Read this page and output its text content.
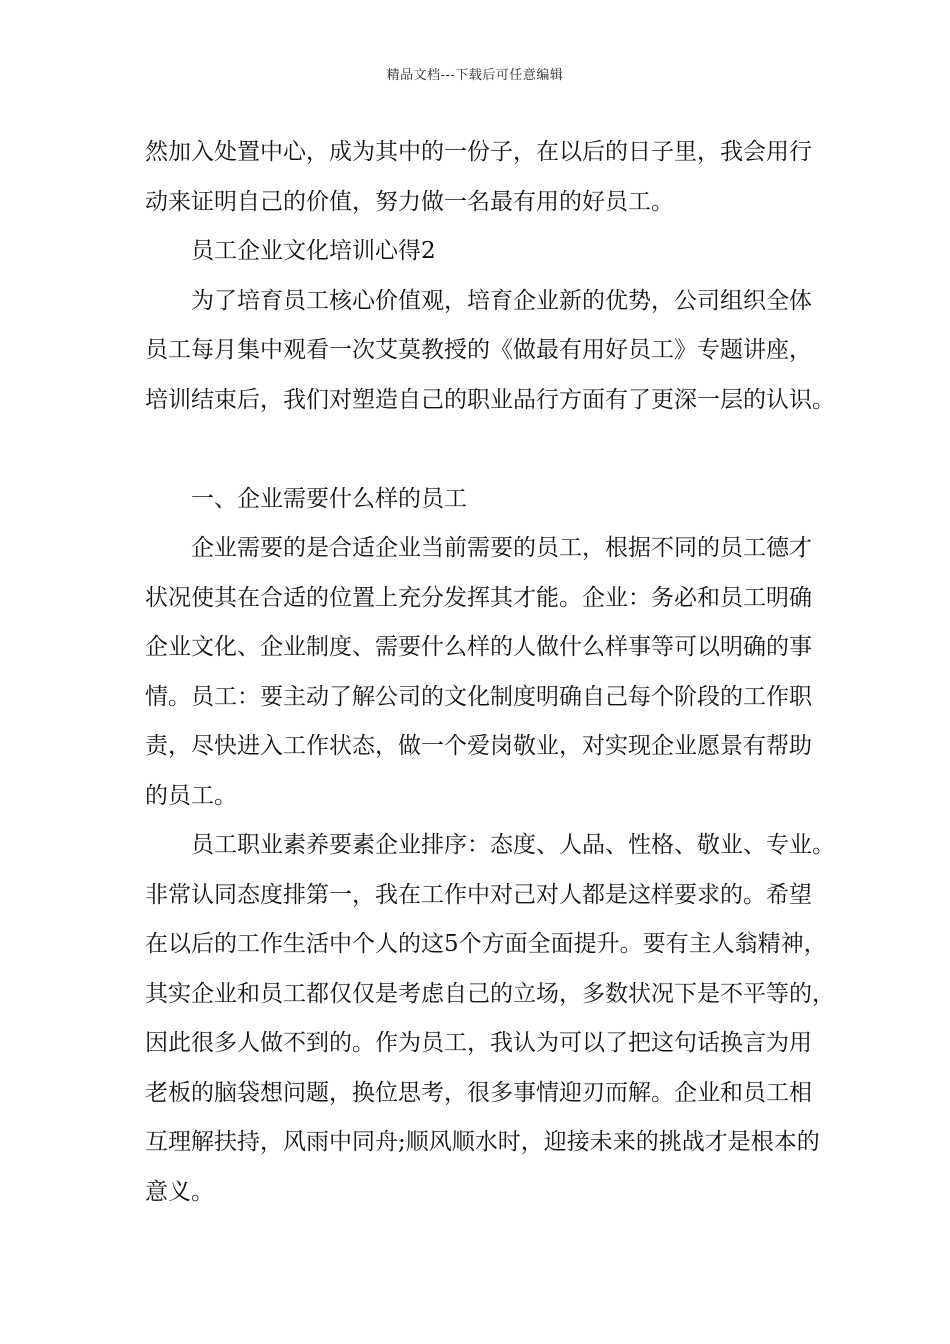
精品文档---下载后可任意编辑
然加入处置中心，成为其中的一份子，在以后的日子里，我会用行
动来证明自己的价值，努力做一名最有用的好员工。
员工企业文化培训心得2
为了培育员工核心价值观，培育企业新的优势，公司组织全体
员工每月集中观看一次艾莫教授的《做最有用好员工》专题讲座，
培训结束后，我们对塑造自己的职业品行方面有了更深一层的认识。
一、企业需要什么样的员工
企业需要的是合适企业当前需要的员工，根据不同的员工德才
状况使其在合适的位置上充分发挥其才能。企业：务必和员工明确
企业文化、企业制度、需要什么样的人做什么样事等可以明确的事
情。员工：要主动了解公司的文化制度明确自己每个阶段的工作职
责，尽快进入工作状态，做一个爱岗敬业，对实现企业愿景有帮助
的员工。
员工职业素养要素企业排序：态度、人品、性格、敬业、专业。
非常认同态度排第一，我在工作中对己对人都是这样要求的。希望
在以后的工作生活中个人的这5个方面全面提升。要有主人翁精神，
其实企业和员工都仅仅是考虑自己的立场，多数状况下是不平等的，
因此很多人做不到的。作为员工，我认为可以了把这句话换言为用
老板的脑袋想问题，换位思考，很多事情迎刃而解。企业和员工相
互理解扶持，风雨中同舟;顺风顺水时，迎接未来的挑战才是根本的
意义。
